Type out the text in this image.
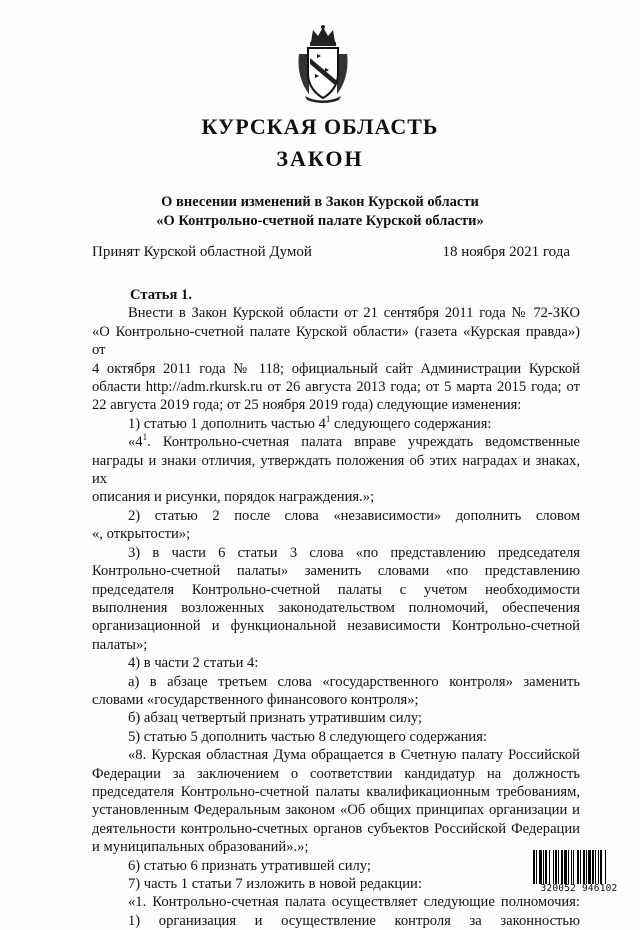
КУРСКАЯ ОБЛАСТЬ
ЗАКОН
О внесении изменений в Закон Курской области
«О Контрольно-счетной палате Курской области»
Принят Курской областной Думой	18 ноября 2021 года

Статья 1.

Внести в Закон Курской области от 21 сентября 2011 года № 72-ЗКО

«О Контрольно-счетной палате Курской области» (газета «Курская правда») от

4 октября 2011 года № 118; официальный сайт Администрации Курской

области http://adm.rkursk.ru от 26 августа 2013 года; от 5 марта 2015 года; от

22 августа 2019 года; от 25 ноября 2019 года) следующие изменения:

1) статью 1 дополнить частью $4^1$ следующего содержания:

«$4^1$. Контрольно-счетная палата вправе учреждать ведомственные

награды и знаки отличия, утверждать положения об этих наградах и знаках, их

описания и рисунки, порядок награждения.»;

2) статью 2 после слова «независимости» дополнить словом

«, открытости»;

3) в части 6 статьи 3 слова «по представлению председателя

Контрольно-счетной палаты» заменить словами «по представлению

председателя Контрольно-счетной палаты с учетом необходимости

выполнения возложенных законодательством полномочий, обеспечения

организационной и функциональной независимости Контрольно-счетной

палаты»;

4) в части 2 статьи 4:

а) в абзаце третьем слова «государственного контроля» заменить

словами «государственного финансового контроля»;

б) абзац четвертый признать утратившим силу;

5) статью 5 дополнить частью 8 следующего содержания:

«8. Курская областная Дума обращается в Счетную палату Российской

Федерации за заключением о соответствии кандидатур на должность

председателя Контрольно-счетной палаты квалификационным требованиям,

установленным Федеральным законом «Об общих принципах организации и

деятельности контрольно-счетных органов субъектов Российской Федерации

и муниципальных образований».»;

6) статью 6 признать утратившей силу;

7) часть 1 статьи 7 изложить в новой редакции:

«1. Контрольно-счетная палата осуществляет следующие полномочия:

1) организация и осуществление контроля за законностью

320052 946102
